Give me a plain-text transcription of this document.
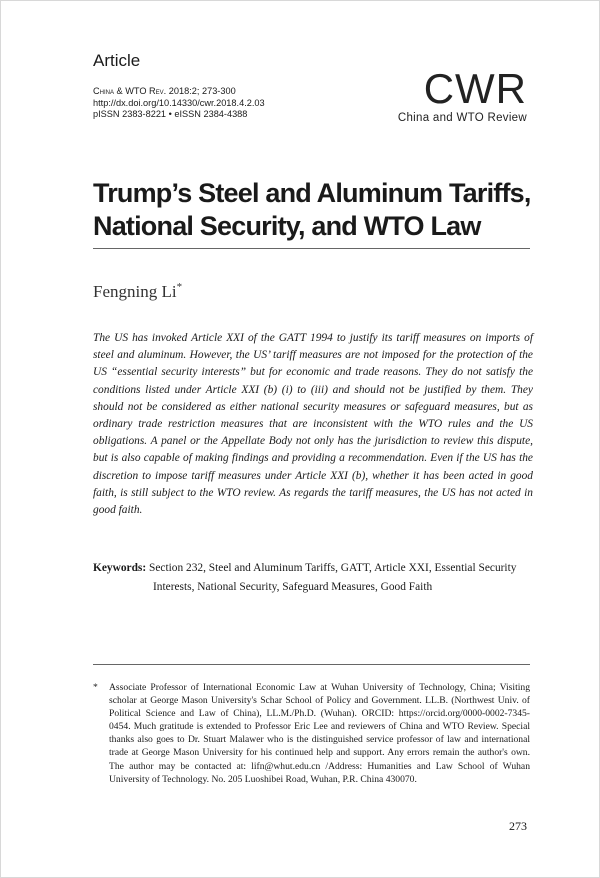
Article
China & WTO Rev. 2018:2; 273-300
http://dx.doi.org/10.14330/cwr.2018.4.2.03
pISSN 2383-8221 • eISSN 2384-4388
CWR
China and WTO Review
Trump’s Steel and Aluminum Tariffs,
National Security, and WTO Law
Fengning Li*

The US has invoked Article XXI of the GATT 1994 to justify its tariff measures on imports of steel and aluminum. However, the US’ tariff measures are not imposed for the protection of the US “essential security interests” but for economic and trade reasons. They do not satisfy the conditions listed under Article XXI (b) (i) to (iii) and should not be justified by them. They should not be considered as either national security measures or safeguard measures, but as ordinary trade restriction measures that are inconsistent with the WTO rules and the US obligations. A panel or the Appellate Body not only has the jurisdiction to review this dispute, but is also capable of making findings and providing a recommendation. Even if the US has the discretion to impose tariff measures under Article XXI (b), whether it has been acted in good faith, is still subject to the WTO review. As regards the tariff measures, the US has not acted in good faith.

Keywords: Section 232, Steel and Aluminum Tariffs, GATT, Article XXI, Essential Security
Interests, National Security, Safeguard Measures, Good Faith
*	Associate Professor of International Economic Law at Wuhan University of Technology, China; Visiting scholar at George Mason University's Schar School of Policy and Government. LL.B. (Northwest Univ. of Political Science and Law of China), LL.M./Ph.D. (Wuhan). ORCID: https://orcid.org/0000-0002-7345-0454. Much gratitude is extended to Professor Eric Lee and reviewers of China and WTO Review. Special thanks also goes to Dr. Stuart Malawer who is the distinguished service professor of law and international trade at George Mason University for his continued help and support. Any errors remain the author's own. The author may be contacted at: lifn@whut.edu.cn /Address: Humanities and Law School of Wuhan University of Technology. No. 205 Luoshibei Road, Wuhan, P.R. China 430070.
273
